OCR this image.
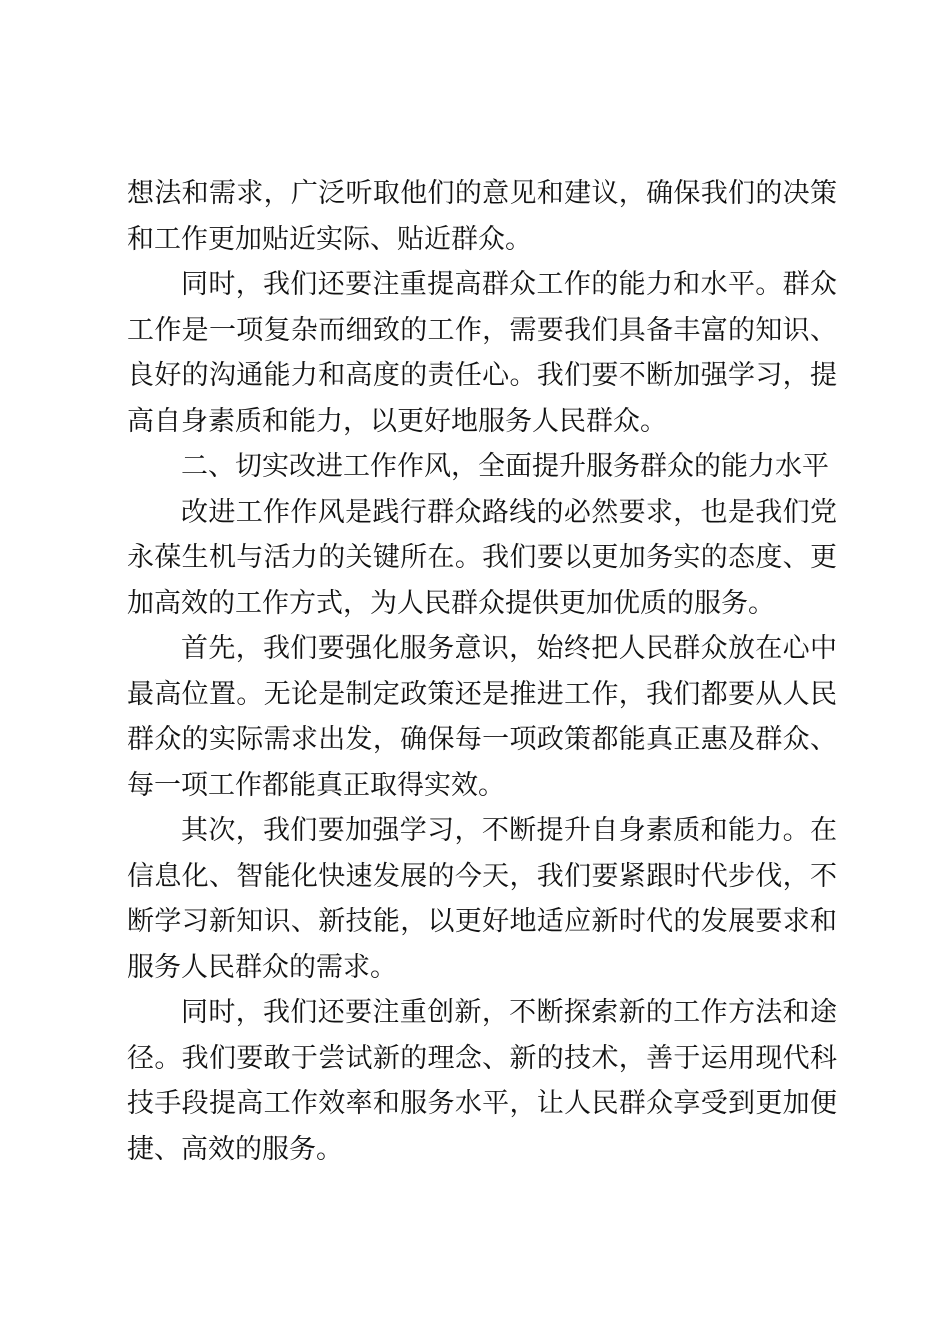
想法和需求，广泛听取他们的意见和建议，确保我们的决策和工作更加贴近实际、贴近群众。

同时，我们还要注重提高群众工作的能力和水平。群众工作是一项复杂而细致的工作，需要我们具备丰富的知识、良好的沟通能力和高度的责任心。我们要不断加强学习，提高自身素质和能力，以更好地服务人民群众。

二、切实改进工作作风，全面提升服务群众的能力水平

改进工作作风是践行群众路线的必然要求，也是我们党永葆生机与活力的关键所在。我们要以更加务实的态度、更加高效的工作方式，为人民群众提供更加优质的服务。

首先，我们要强化服务意识，始终把人民群众放在心中最高位置。无论是制定政策还是推进工作，我们都要从人民群众的实际需求出发，确保每一项政策都能真正惠及群众、每一项工作都能真正取得实效。

其次，我们要加强学习，不断提升自身素质和能力。在信息化、智能化快速发展的今天，我们要紧跟时代步伐，不断学习新知识、新技能，以更好地适应新时代的发展要求和服务人民群众的需求。

同时，我们还要注重创新，不断探索新的工作方法和途径。我们要敢于尝试新的理念、新的技术，善于运用现代科技手段提高工作效率和服务水平，让人民群众享受到更加便捷、高效的服务。
